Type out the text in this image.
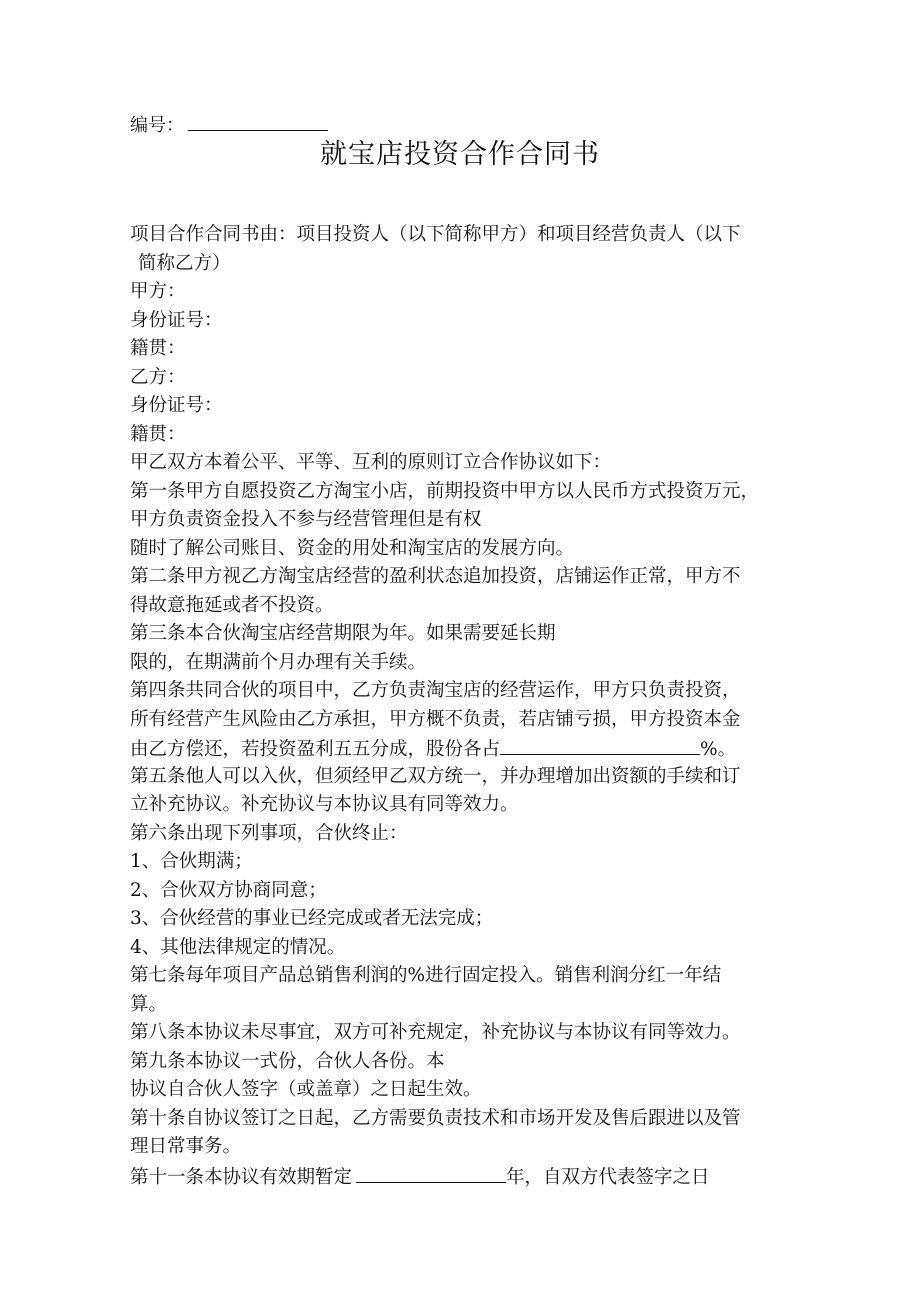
编号：
就宝店投资合作合同书
项目合作合同书由：项目投资人（以下简称甲方）和项目经营负责人（以下
简称乙方）
甲方：
身份证号：
籍贯：
乙方：
身份证号：
籍贯：
甲乙双方本着公平、平等、互利的原则订立合作协议如下：
第一条甲方自愿投资乙方淘宝小店，前期投资中甲方以人民币方式投资万元，
甲方负责资金投入不参与经营管理但是有权
随时了解公司账目、资金的用处和淘宝店的发展方向。
第二条甲方视乙方淘宝店经营的盈利状态追加投资，店铺运作正常，甲方不
得故意拖延或者不投资。
第三条本合伙淘宝店经营期限为年。如果需要延长期
限的，在期满前个月办理有关手续。
第四条共同合伙的项目中，乙方负责淘宝店的经营运作，甲方只负责投资，
所有经营产生风险由乙方承担，甲方概不负责，若店铺亏损，甲方投资本金
由乙方偿还，若投资盈利五五分成，股份各占	%。
第五条他人可以入伙，但须经甲乙双方统一，并办理增加出资额的手续和订
立补充协议。补充协议与本协议具有同等效力。
第六条出现下列事项，合伙终止：
1、合伙期满；
2、合伙双方协商同意；
3、合伙经营的事业已经完成或者无法完成；
4、其他法律规定的情况。
第七条每年项目产品总销售利润的%进行固定投入。销售利润分红一年结
算。
第八条本协议未尽事宜，双方可补充规定，补充协议与本协议有同等效力。
第九条本协议一式份，合伙人各份。本
协议自合伙人签字（或盖章）之日起生效。
第十条自协议签订之日起，乙方需要负责技术和市场开发及售后跟进以及管
理日常事务。
第十一条本协议有效期暂定	年，自双方代表签字之日
